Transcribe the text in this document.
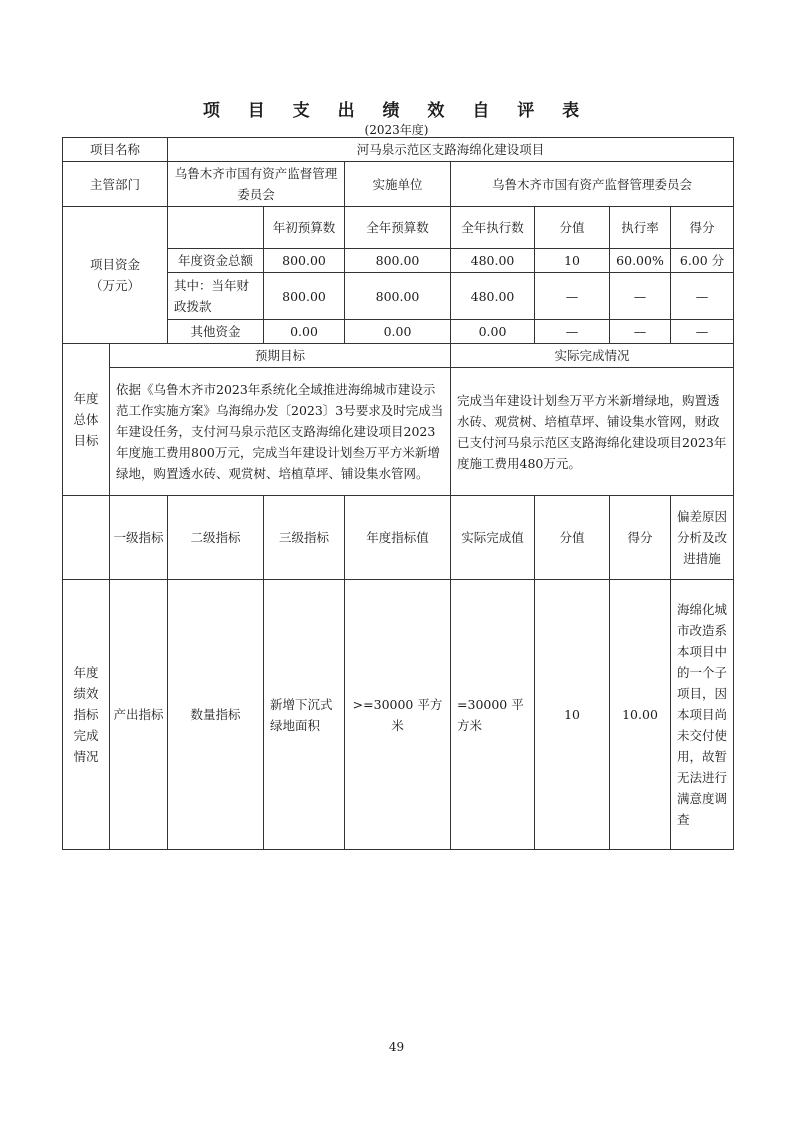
项 目 支 出 绩 效 自 评 表
(2023年度)
项目名称		河马泉示范区支路海绵化建设项目						
主管部门		乌鲁木齐市国有资产监督管理委员会		实施单位	乌鲁木齐市国有资产监督管理委员会			
项目资金
（万元）			年初预算数	全年预算数	全年执行数	分值	执行率	得分
		年度资金总额	800.00	800.00	480.00	10	60.00%	6.00 分
		其中：当年财政拨款	800.00	800.00	480.00	—	—	—
		其他资金	0.00	0.00	0.00	—	—	—
年度
总体
目标	预期目标				实际完成情况			
	依据《乌鲁木齐市2023年系统化全域推进海绵城市建设示范工作实施方案》乌海绵办发〔2023〕3号要求及时完成当年建设任务，支付河马泉示范区支路海绵化建设项目2023年度施工费用800万元，完成当年建设计划叁万平方米新增绿地，购置透水砖、观赏树、培植草坪、铺设集水管网。				完成当年建设计划叁万平方米新增绿地，购置透水砖、观赏树、培植草坪、铺设集水管网，财政已支付河马泉示范区支路海绵化建设项目2023年度施工费用480万元。			
	一级指标	二级指标	三级指标	年度指标值	实际完成值	分值	得分	偏差原因分析及改进措施
年度
绩效
指标
完成
情况	产出指标	数量指标	新增下沉式绿地面积	>=30000 平方米	=30000 平方米	10	10.00	海绵化城市改造系本项目中的一个子项目，因本项目尚未交付使用，故暂无法进行满意度调查
49
